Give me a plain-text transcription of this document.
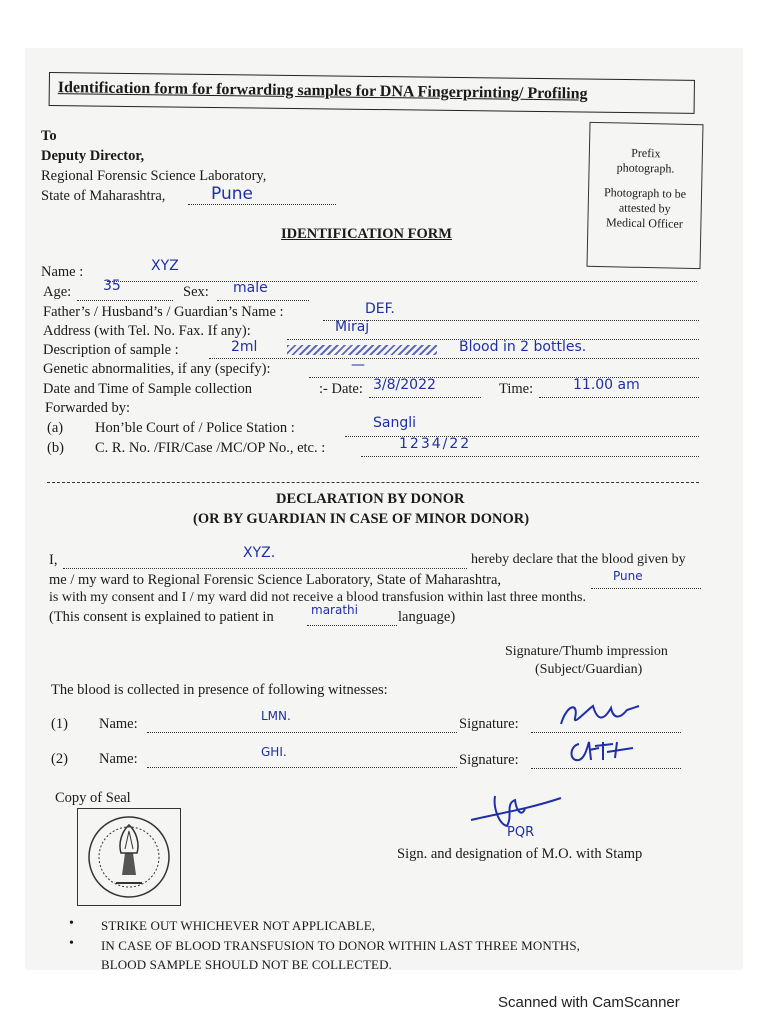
Identification form for forwarding samples for DNA Fingerprinting/ Profiling
To
Deputy Director,
Regional Forensic Science Laboratory,
State of Maharashtra,	Pune
Prefix
photograph.
Photograph to be
attested by
Medical Officer
IDENTIFICATION FORM
Name :	XYZ
Age: 35	Sex: male
Father’s / Husband’s / Guardian’s Name :	DEF.
Address (with Tel. No. Fax. If any):	Miraj
Description of sample :	2ml	Blood in 2 bottles.
Genetic abnormalities, if any (specify):	—
Date and Time of Sample collection	:- Date: 3/8/2022	Time:	11.00 am
Forwarded by:
(a) Hon’ble Court of / Police Station :	Sangli
(b) C. R. No. /FIR/Case /MC/OP No., etc. :	1234/22
DECLARATION BY DONOR
(OR BY GUARDIAN IN CASE OF MINOR DONOR)
I,	XYZ.	hereby declare that the blood given by
me / my ward to Regional Forensic Science Laboratory, State of Maharashtra,	Pune
is with my consent and I / my ward did not receive a blood transfusion within last three months.
(This consent is explained to patient in	marathi	language)
Signature/Thumb impression
(Subject/Guardian)
The blood is collected in presence of following witnesses:
(1) Name:	LMN.	Signature:
(2) Name:	GHI.	Signature:
Copy of Seal
PQR
Sign. and designation of M.O. with Stamp
• STRIKE OUT WHICHEVER NOT APPLICABLE,
• IN CASE OF BLOOD TRANSFUSION TO DONOR WITHIN LAST THREE MONTHS,
BLOOD SAMPLE SHOULD NOT BE COLLECTED.
Scanned with CamScanner
